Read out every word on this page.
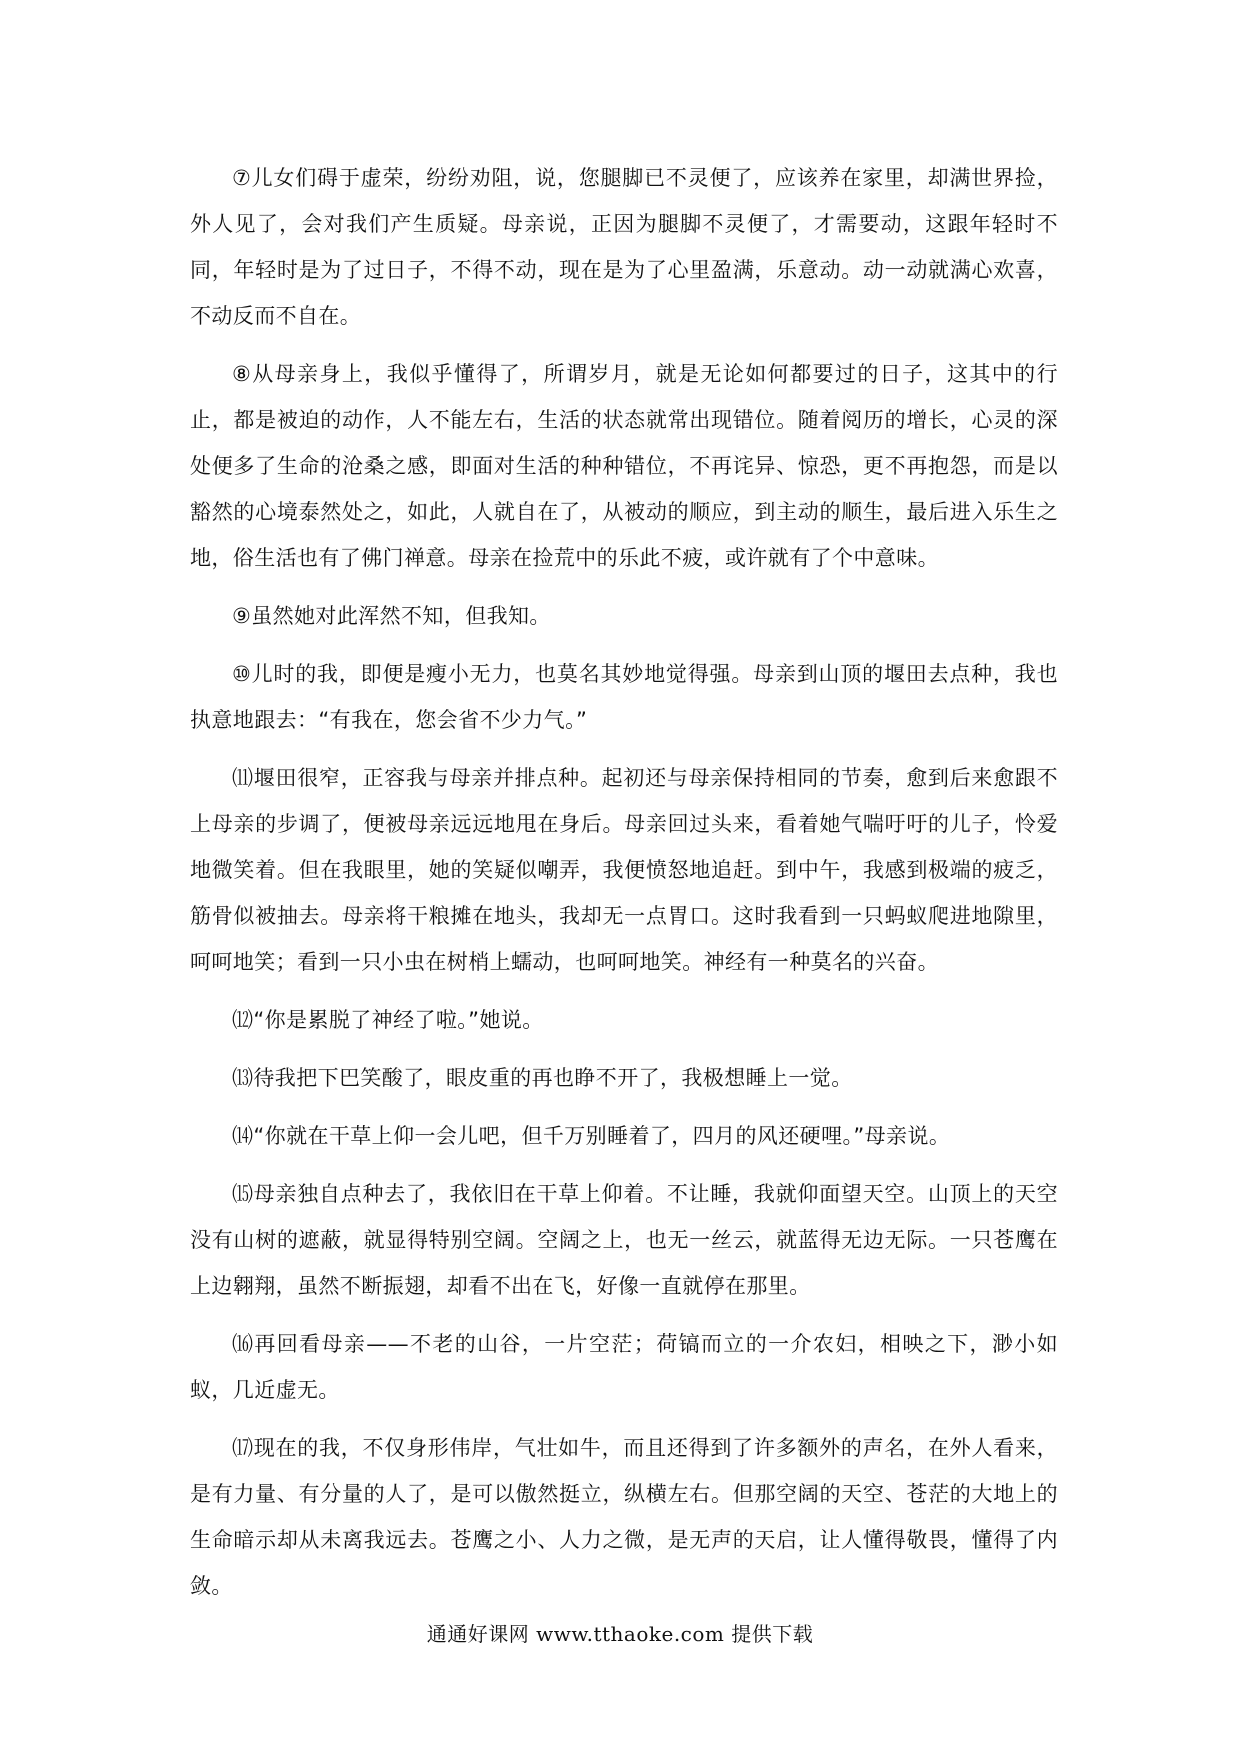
⑦儿女们碍于虚荣，纷纷劝阻，说，您腿脚已不灵便了，应该养在家里，却满世界捡，外人见了，会对我们产生质疑。母亲说，正因为腿脚不灵便了，才需要动，这跟年轻时不同，年轻时是为了过日子，不得不动，现在是为了心里盈满，乐意动。动一动就满心欢喜，不动反而不自在。

⑧从母亲身上，我似乎懂得了，所谓岁月，就是无论如何都要过的日子，这其中的行止，都是被迫的动作，人不能左右，生活的状态就常出现错位。随着阅历的增长，心灵的深处便多了生命的沧桑之感，即面对生活的种种错位，不再诧异、惊恐，更不再抱怨，而是以豁然的心境泰然处之，如此，人就自在了，从被动的顺应，到主动的顺生，最后进入乐生之地，俗生活也有了佛门禅意。母亲在捡荒中的乐此不疲，或许就有了个中意味。

⑨虽然她对此浑然不知，但我知。

⑩儿时的我，即便是瘦小无力，也莫名其妙地觉得强。母亲到山顶的堰田去点种，我也执意地跟去：“有我在，您会省不少力气。”

⑾堰田很窄，正容我与母亲并排点种。起初还与母亲保持相同的节奏，愈到后来愈跟不上母亲的步调了，便被母亲远远地甩在身后。母亲回过头来，看着她气喘吁吁的儿子，怜爱地微笑着。但在我眼里，她的笑疑似嘲弄，我便愤怒地追赶。到中午，我感到极端的疲乏，筋骨似被抽去。母亲将干粮摊在地头，我却无一点胃口。这时我看到一只蚂蚁爬进地隙里，呵呵地笑；看到一只小虫在树梢上蠕动，也呵呵地笑。神经有一种莫名的兴奋。

⑿“你是累脱了神经了啦。”她说。

⒀待我把下巴笑酸了，眼皮重的再也睁不开了，我极想睡上一觉。

⒁“你就在干草上仰一会儿吧，但千万别睡着了，四月的风还硬哩。”母亲说。

⒂母亲独自点种去了，我依旧在干草上仰着。不让睡，我就仰面望天空。山顶上的天空没有山树的遮蔽，就显得特别空阔。空阔之上，也无一丝云，就蓝得无边无际。一只苍鹰在上边翱翔，虽然不断振翅，却看不出在飞，好像一直就停在那里。

⒃再回看母亲——不老的山谷，一片空茫；荷镐而立的一介农妇，相映之下，渺小如蚁，几近虚无。

⒄现在的我，不仅身形伟岸，气壮如牛，而且还得到了许多额外的声名，在外人看来，是有力量、有分量的人了，是可以傲然挺立，纵横左右。但那空阔的天空、苍茫的大地上的生命暗示却从未离我远去。苍鹰之小、人力之微，是无声的天启，让人懂得敬畏，懂得了内敛。

通通好课网 www.tthaoke.com 提供下载
